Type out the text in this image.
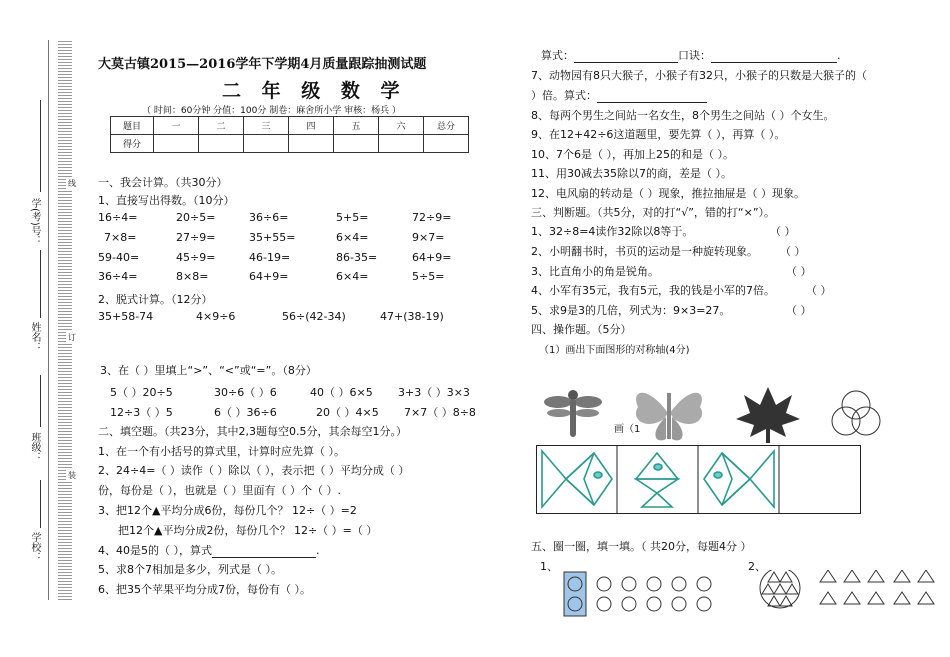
线
订
装
学(考)号：
姓名：
班级：
学校：
大莫古镇2015—2016学年下学期4月质量跟踪抽测试题
二 年 级 数 学
（ 时间：60分钟 分值：100分 制卷：麻舍所小学 审核：杨兵 ）
题目	一	二	三	四	五	六	总分
得分							
一、我会计算。（共30分）
1、直接写出得数。（10分）
16÷4=	20÷5=	36÷6=	5+5=	72÷9=
7×8=	27÷9=	35+55=	6×4=	9×7=
59-40=	45÷9=	46-19=	86-35=	64+9=
36÷4=	8×8=	64+9=	6×4=	5÷5=
2、脱式计算。（12分）
35+58-74	4×9÷6	56÷(42-34)	47+(38-19)
3、在（ ）里填上“>”、“<”或“=”。（8分）
5（ ）20÷5	30÷6（ ）6	40（ ）6×5 3+3（ ）3×3
12÷3（ ）5	6（ ）36÷6	20（ ）4×5 7×7（ ）8÷8
二、填空题。（共23分，其中2,3题每空0.5分，其余每空1分。）
1、在一个有小括号的算式里，计算时应先算（ ）。
2、24÷4=（ ）读作（ ）除以（ ），表示把（ ）平均分成（ ）
份，每份是（ ），也就是（ ）里面有（ ）个（ ）.
3、把12个▲平均分成6份，每份几个？ 12÷（ ）=2
把12个▲平均分成2份，每份几个？ 12÷（ ）=（ ）
4、40是5的（ ），算式	.
5、求8个7相加是多少，列式是（ ）。
6、把35个苹果平均分成7份，每份有（ ）。
算式：	口诀：	.
7、动物园有8只大猴子，小猴子有32只，小猴子的只数是大猴子的（
）倍。算式：
8、每两个男生之间站一名女生，8个男生之间站（ ）个女生。
9、在12+42÷6这道题里，要先算（ ），再算（ ）。
10、7个6是（ ），再加上25的和是（ ）。
11、用30减去35除以7的商，差是（ ）。
12、电风扇的转动是（ ）现象，推拉抽屉是（ ）现象。
三、判断题。（共5分，对的打“√”，错的打“×”）。
1、32÷8=4读作32除以8等于。	（ ）
2、小明翻书时，书页的运动是一种旋转现象。 （ ）
3、比直角小的角是锐角。	（ ）
4、小军有35元，我有5元，我的钱是小军的7倍。	（ ）
5、求9是3的几倍，列式为：9×3=27。	（ ）
四、操作题。（5分）
（1）画出下面图形的对称轴(4分)
画（1
五、圈一圈，填一填。（ 共20分，每题4分 ）
1、	2、
